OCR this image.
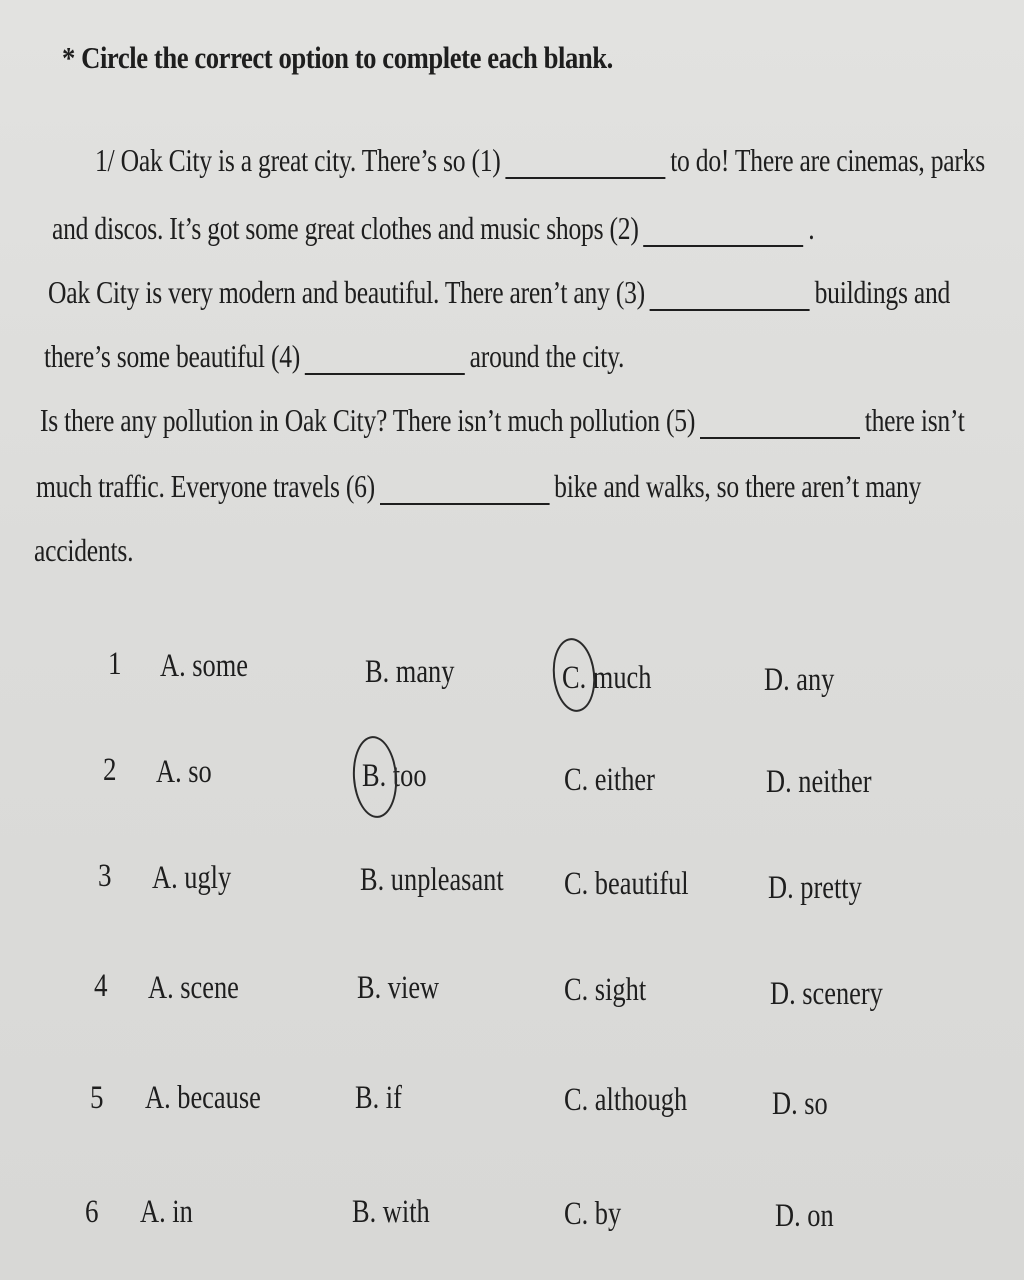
* Circle the correct option to complete each blank.
1/ Oak City is a great city. There’s so (1)	to do! There are cinemas, parks
and discos. It’s got some great clothes and music shops (2)	.
Oak City is very modern and beautiful. There aren’t any (3)	buildings and
there’s some beautiful (4)	around the city.
Is there any pollution in Oak City? There isn’t much pollution (5)	there isn’t
much traffic. Everyone travels (6)	bike and walks, so there aren’t many
accidents.
1 A. some	B. many	C. much	D. any
2 A. so	B. too	C. either	D. neither
3 A. ugly	B. unpleasant C. beautiful D. pretty
4 A. scene	B. view	C. sight	D. scenery
5 A. because	B. if	C. although	D. so
6 A. in	B. with	C. by	D. on
